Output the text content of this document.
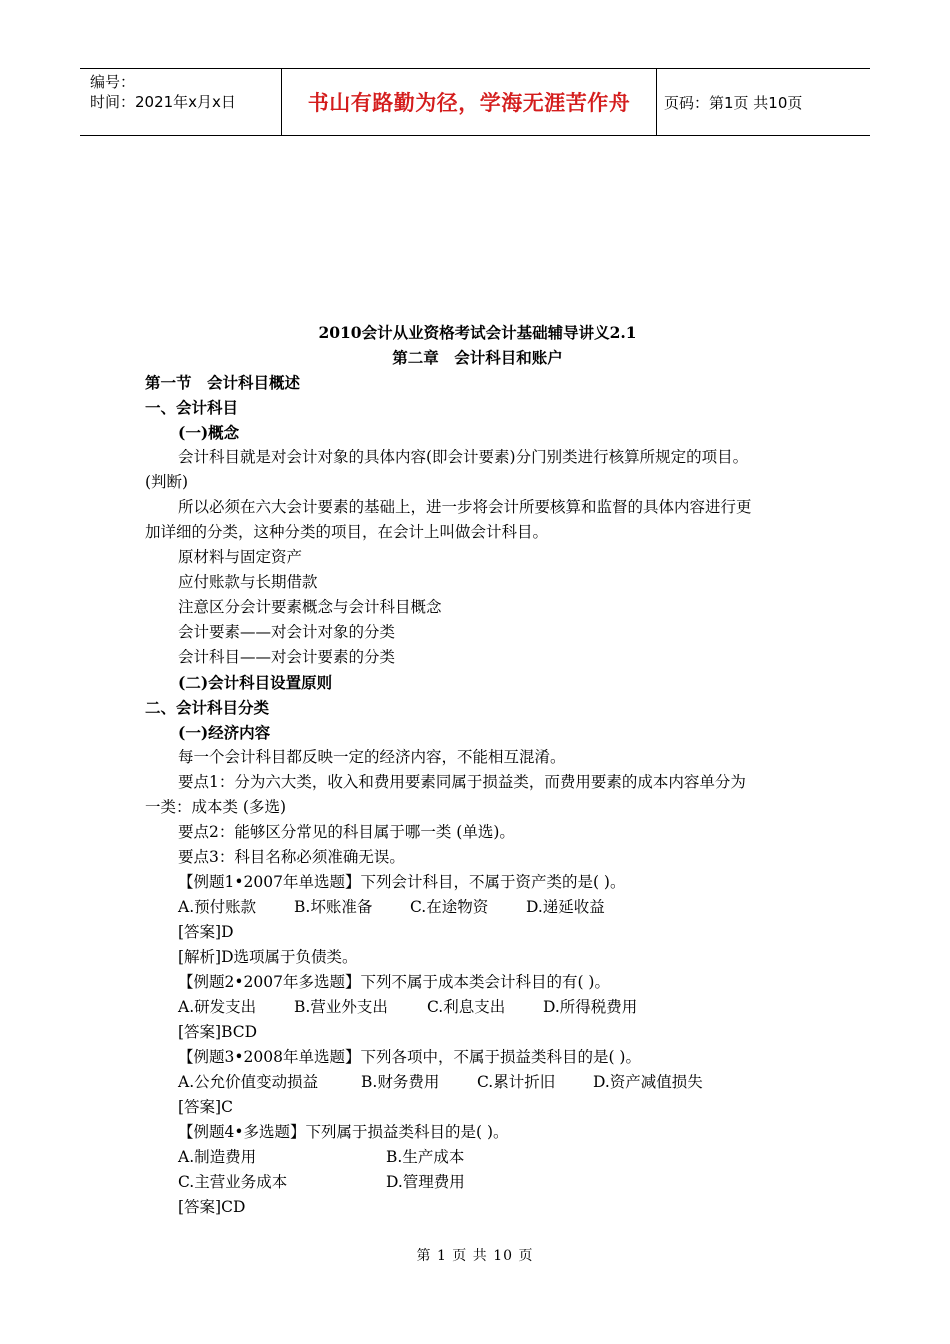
编号：
时间：2021年x月x日	书山有路勤为径，学海无涯苦作舟	页码：第1页 共10页
2010会计从业资格考试会计基础辅导讲义2.1
第二章　会计科目和账户
第一节　会计科目概述
一、会计科目
(一)概念
会计科目就是对会计对象的具体内容(即会计要素)分门别类进行核算所规定的项目。
(判断)
所以必须在六大会计要素的基础上，进一步将会计所要核算和监督的具体内容进行更
加详细的分类，这种分类的项目，在会计上叫做会计科目。
原材料与固定资产
应付账款与长期借款
注意区分会计要素概念与会计科目概念
会计要素——对会计对象的分类
会计科目——对会计要素的分类
(二)会计科目设置原则
二、会计科目分类
(一)经济内容
每一个会计科目都反映一定的经济内容，不能相互混淆。
要点1：分为六大类，收入和费用要素同属于损益类，而费用要素的成本内容单分为
一类：成本类 (多选)
要点2：能够区分常见的科目属于哪一类 (单选)。
要点3：科目名称必须准确无误。
【例题1•2007年单选题】下列会计科目，不属于资产类的是( )。
A.预付账款	B.坏账准备	C.在途物资	D.递延收益
[答案]D
[解析]D选项属于负债类。
【例题2•2007年多选题】下列不属于成本类会计科目的有( )。
A.研发支出	B.营业外支出	C.利息支出	D.所得税费用
[答案]BCD
【例题3•2008年单选题】下列各项中，不属于损益类科目的是( )。
A.公允价值变动损益	B.财务费用	C.累计折旧	D.资产减值损失
[答案]C
【例题4•多选题】下列属于损益类科目的是( )。
A.制造费用	B.生产成本
C.主营业务成本	D.管理费用
[答案]CD
第 1 页 共 10 页
